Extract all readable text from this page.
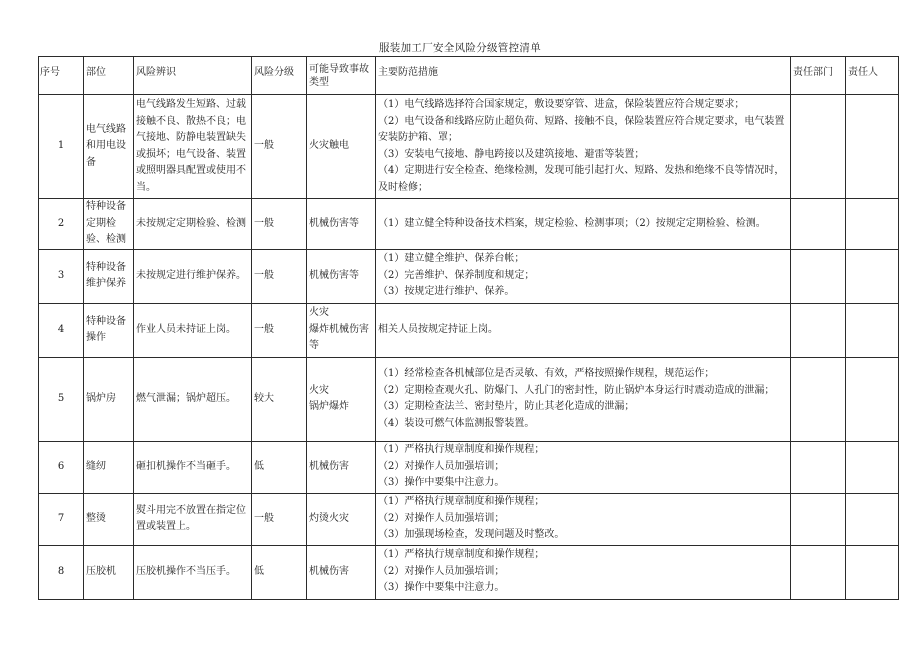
服装加工厂安全风险分级管控清单
序号	部位	风险辨识	风险分级	可能导致事故类型	主要防范措施	责任部门	责任人
1	电气线路和用电设备	电气线路发生短路、过载接触不良、散热不良；电气接地、防静电装置缺失或损坏；电气设备、装置或照明器具配置或使用不当。	一般	火灾触电	（1）电气线路选择符合国家规定，敷设要穿管、进盒，保险装置应符合规定要求；
（2）电气设备和线路应防止超负荷、短路、接触不良，保险装置应符合规定要求，电气装置安装防护箱、罩；
（3）安装电气接地、静电跨接以及建筑接地、避雷等装置；
（4）定期进行安全检查、绝缘检测，发现可能引起打火、短路、发热和绝缘不良等情况时，及时检修；		

2	特种设备定期检验、检测	未按规定定期检验、检测	一般	机械伤害等	（1）建立健全特种设备技术档案，规定检验、检测事项；（2）按规定定期检验、检测。		

3	特种设备维护保养	未按规定进行维护保养。	一般	机械伤害等	（1）建立健全维护、保养台帐；
（2）完善维护、保养制度和规定；
（3）按规定进行维护、保养。		

4	特种设备操作	作业人员未持证上岗。	一般	火灾
爆炸机械伤害等	相关人员按规定持证上岗。		

5	锅炉房	燃气泄漏；锅炉超压。	较大	火灾
锅炉爆炸	（1）经常检查各机械部位是否灵敏、有效，严格按照操作规程，规范运作；
（2）定期检查观火孔、防爆门、人孔门的密封性，防止锅炉本身运行时震动造成的泄漏；
（3）定期检查法兰、密封垫片，防止其老化造成的泄漏；
（4）装设可燃气体监测报警装置。		

6	缝纫	砸扣机操作不当砸手。	低	机械伤害	（1）严格执行规章制度和操作规程；
（2）对操作人员加强培训；
（3）操作中要集中注意力。		

7	整烫	熨斗用完不放置在指定位置或装置上。	一般	灼烫火灾	（1）严格执行规章制度和操作规程；
（2）对操作人员加强培训；
（3）加强现场检查，发现问题及时整改。		

8	压胶机	压胶机操作不当压手。	低	机械伤害	（1）严格执行规章制度和操作规程；
（2）对操作人员加强培训；
（3）操作中要集中注意力。		
